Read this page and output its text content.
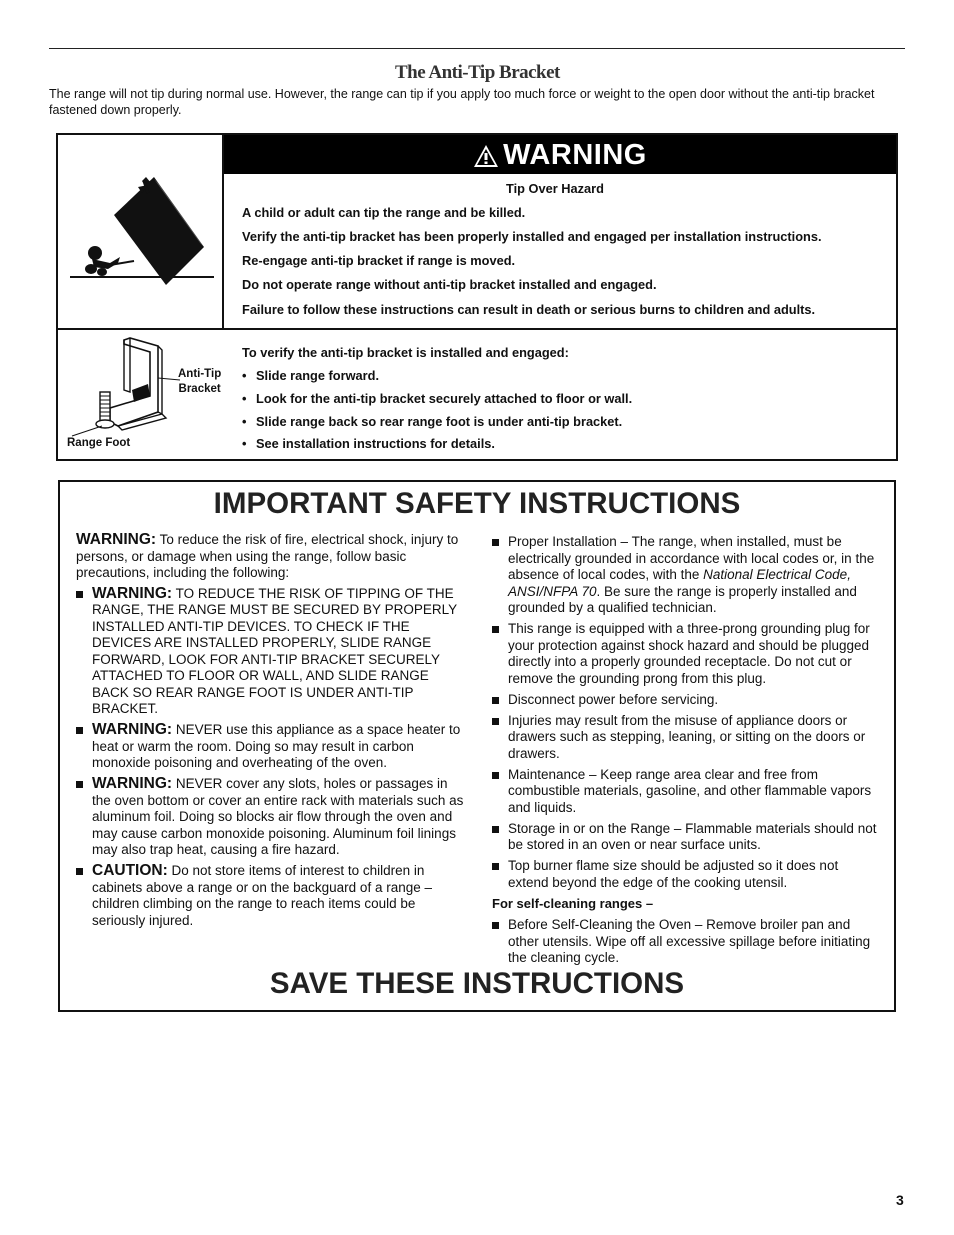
The Anti-Tip Bracket
The range will not tip during normal use. However, the range can tip if you apply too much force or weight to the open door without the anti-tip bracket fastened down properly.
WARNING
Tip Over Hazard
A child or adult can tip the range and be killed.
Verify the anti-tip bracket has been properly installed and engaged per installation instructions.
Re-engage anti-tip bracket if range is moved.
Do not operate range without anti-tip bracket installed and engaged.
Failure to follow these instructions can result in death or serious burns to children and adults.
Anti-Tip
Bracket
Range Foot
To verify the anti-tip bracket is installed and engaged:
• Slide range forward.
• Look for the anti-tip bracket securely attached to floor or wall.
• Slide range back so rear range foot is under anti-tip bracket.
• See installation instructions for details.
IMPORTANT SAFETY INSTRUCTIONS

WARNING: To reduce the risk of fire, electrical shock, injury to persons, or damage when using the range, follow basic precautions, including the following:

WARNING: TO REDUCE THE RISK OF TIPPING OF THE RANGE, THE RANGE MUST BE SECURED BY PROPERLY INSTALLED ANTI-TIP DEVICES. TO CHECK IF THE DEVICES ARE INSTALLED PROPERLY, SLIDE RANGE FORWARD, LOOK FOR ANTI-TIP BRACKET SECURELY ATTACHED TO FLOOR OR WALL, AND SLIDE RANGE BACK SO REAR RANGE FOOT IS UNDER ANTI-TIP BRACKET.
WARNING: NEVER use this appliance as a space heater to heat or warm the room. Doing so may result in carbon monoxide poisoning and overheating of the oven.
WARNING: NEVER cover any slots, holes or passages in the oven bottom or cover an entire rack with materials such as aluminum foil. Doing so blocks air flow through the oven and may cause carbon monoxide poisoning. Aluminum foil linings may also trap heat, causing a fire hazard.
CAUTION: Do not store items of interest to children in cabinets above a range or on the backguard of a range – children climbing on the range to reach items could be seriously injured.
Proper Installation – The range, when installed, must be electrically grounded in accordance with local codes or, in the absence of local codes, with the National Electrical Code, ANSI/NFPA 70. Be sure the range is properly installed and grounded by a qualified technician.
This range is equipped with a three-prong grounding plug for your protection against shock hazard and should be plugged directly into a properly grounded receptacle. Do not cut or remove the grounding prong from this plug.
Disconnect power before servicing.
Injuries may result from the misuse of appliance doors or drawers such as stepping, leaning, or sitting on the doors or drawers.
Maintenance – Keep range area clear and free from combustible materials, gasoline, and other flammable vapors and liquids.
Storage in or on the Range – Flammable materials should not be stored in an oven or near surface units.
Top burner flame size should be adjusted so it does not extend beyond the edge of the cooking utensil.
For self-cleaning ranges –
Before Self-Cleaning the Oven – Remove broiler pan and other utensils. Wipe off all excessive spillage before initiating the cleaning cycle.
SAVE THESE INSTRUCTIONS
3
